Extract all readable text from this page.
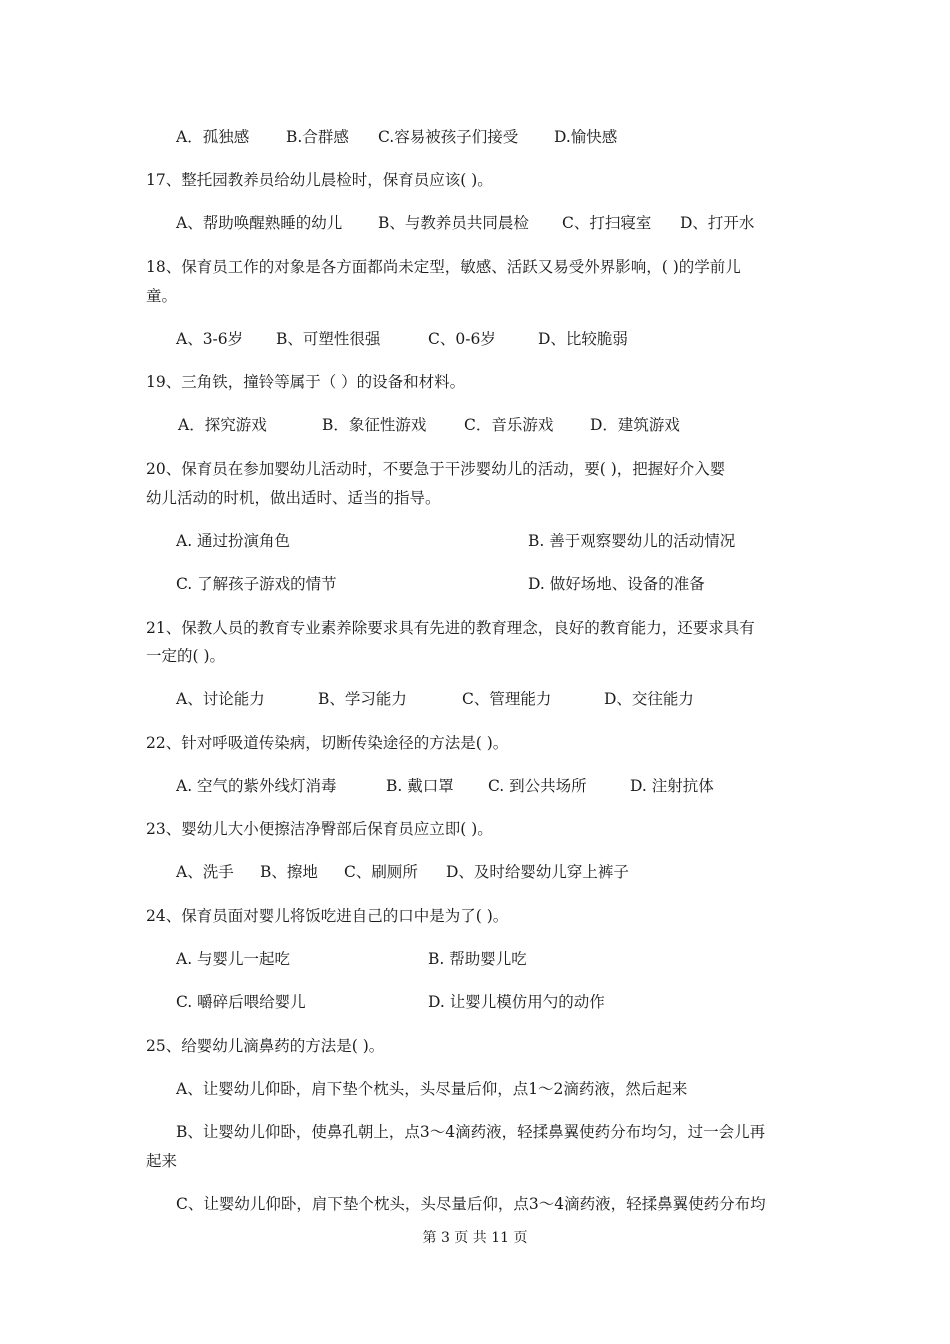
A．孤独感 B.合群感 C.容易被孩子们接受 D.愉快感
17、整托园教养员给幼儿晨检时，保育员应该( )。
A、帮助唤醒熟睡的幼儿 B、与教养员共同晨检 C、打扫寝室 D、打开水
18、保育员工作的对象是各方面都尚未定型，敏感、活跃又易受外界影响，( )的学前儿
童。
A、3-6岁 B、可塑性很强	C、0-6岁	D、比较脆弱
19、三角铁，撞铃等属于（ ）的设备和材料。
A．探究游戏	B．象征性游戏 C．音乐游戏 D．建筑游戏
20、保育员在参加婴幼儿活动时，不要急于干涉婴幼儿的活动，要( )，把握好介入婴
幼儿活动的时机，做出适时、适当的指导。
A. 通过扮演角色	B. 善于观察婴幼儿的活动情况
C. 了解孩子游戏的情节	D. 做好场地、设备的准备
21、保教人员的教育专业素养除要求具有先进的教育理念，良好的教育能力，还要求具有
一定的( )。
A、讨论能力	B、学习能力	C、管理能力	D、交往能力
22、针对呼吸道传染病，切断传染途径的方法是( )。
A. 空气的紫外线灯消毒	B. 戴口罩 C. 到公共场所	D. 注射抗体
23、婴幼儿大小便擦洁净臀部后保育员应立即( )。
A、洗手 B、擦地 C、刷厕所 D、及时给婴幼儿穿上裤子
24、保育员面对婴儿将饭吃进自己的口中是为了( )。
A. 与婴儿一起吃	B. 帮助婴儿吃
C. 嚼碎后喂给婴儿	D. 让婴儿模仿用勺的动作
25、给婴幼儿滴鼻药的方法是( )。
A、让婴幼儿仰卧，肩下垫个枕头，头尽量后仰，点1～2滴药液，然后起来
B、让婴幼儿仰卧，使鼻孔朝上，点3～4滴药液，轻揉鼻翼使药分布均匀，过一会儿再
起来
C、让婴幼儿仰卧，肩下垫个枕头，头尽量后仰，点3～4滴药液，轻揉鼻翼使药分布均
第 3 页 共 11 页
